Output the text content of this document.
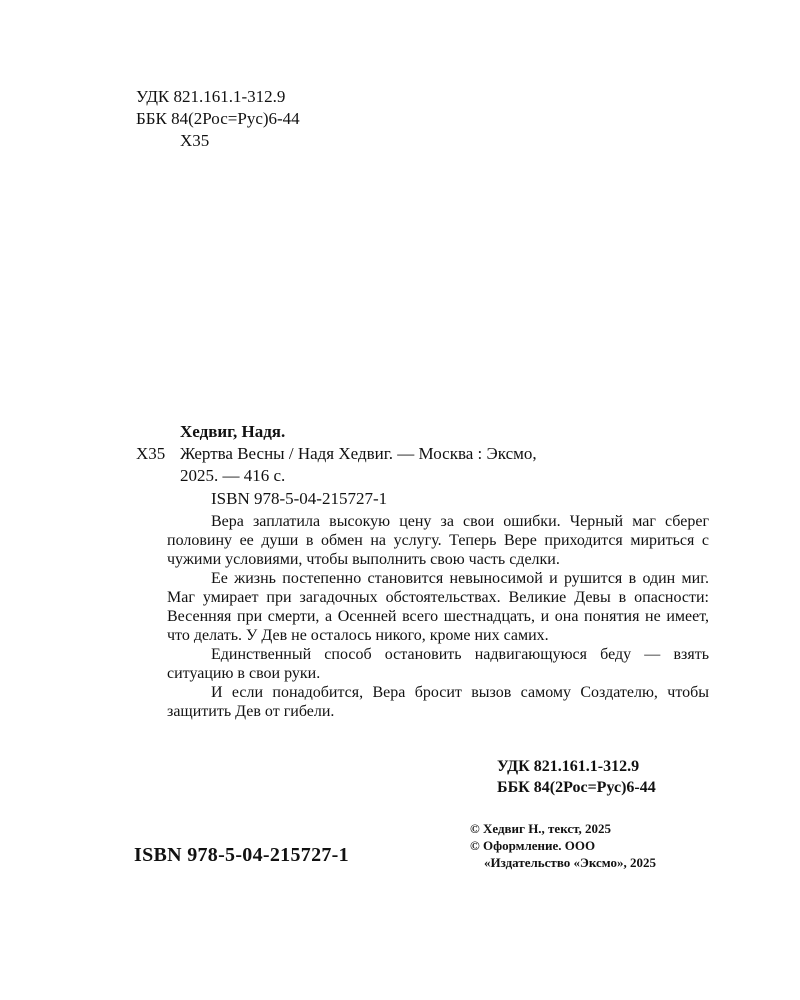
УДК 821.161.1-312.9
ББК 84(2Рос=Рус)6-44
Х35
Хедвиг, Надя.
Х35 Жертва Весны / Надя Хедвиг. — Москва : Эксмо,
2025. — 416 с.
ISBN 978-5-04-215727-1

Вера заплатила высокую цену за свои ошибки. Черный маг сберег половину ее души в обмен на услугу. Теперь Вере приходится мириться с чужими условиями, чтобы выполнить свою часть сделки.

Ее жизнь постепенно становится невыносимой и рушится в один миг. Маг умирает при загадочных обстоятельствах. Великие Девы в опасности: Весенняя при смерти, а Осенней всего шестнадцать, и она понятия не имеет, что делать. У Дев не осталось никого, кроме них самих.

Единственный способ остановить надвигающуюся беду — взять ситуацию в свои руки.

И если понадобится, Вера бросит вызов самому Создателю, чтобы защитить Дев от гибели.

УДК 821.161.1-312.9
ББК 84(2Рос=Рус)6-44
ISBN 978-5-04-215727-1
© Хедвиг Н., текст, 2025
© Оформление. ООО
«Издательство «Эксмо», 2025
